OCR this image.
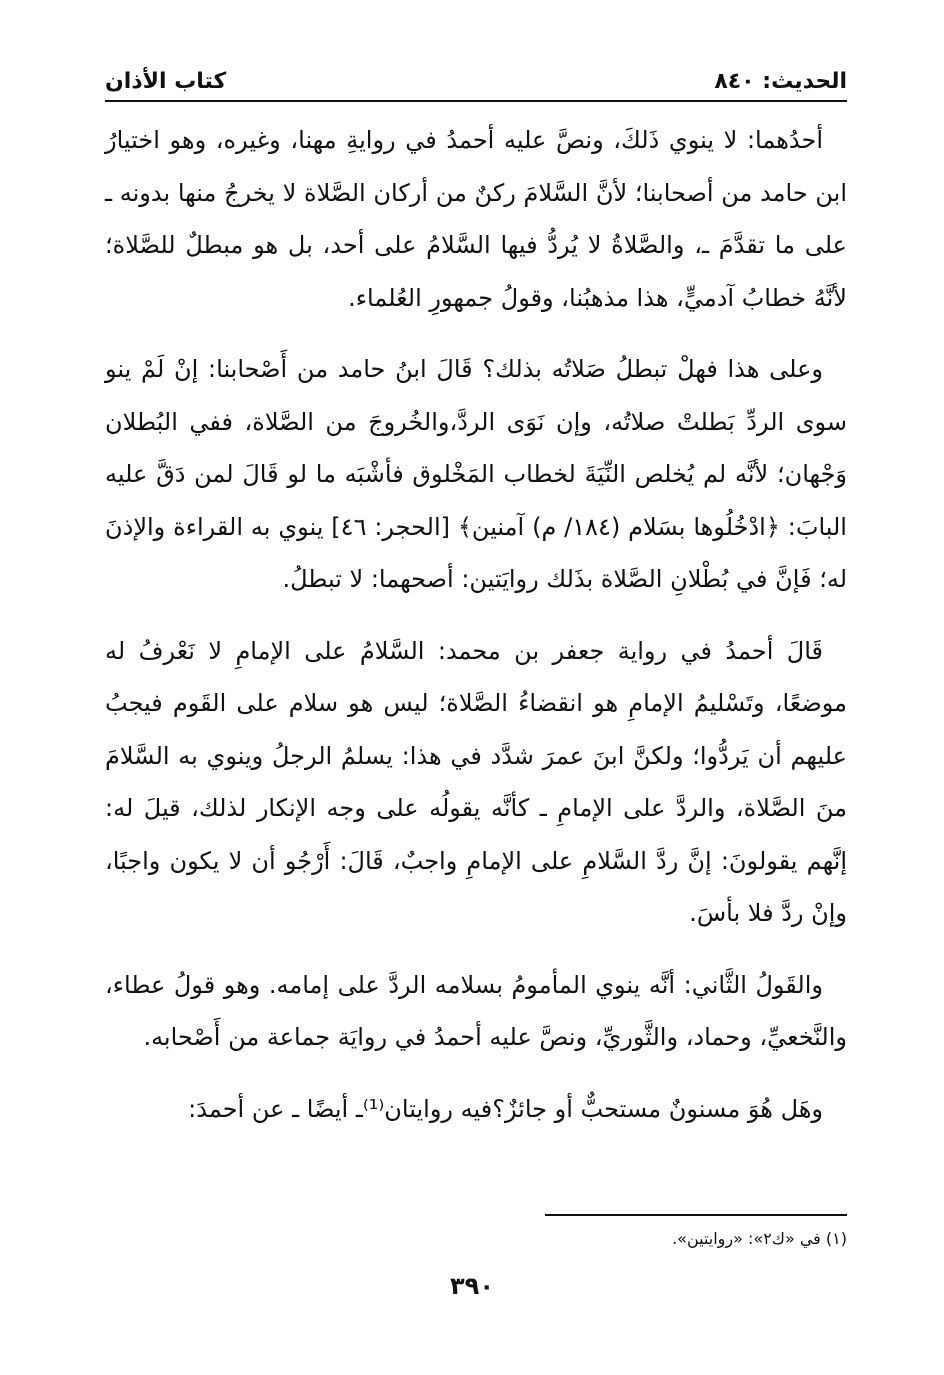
الحديث: ٨٤٠
كتاب الأذان

أحدُهما: لا ينوي ذَلكَ، ونصَّ عليه أحمدُ في روايةِ مهنا، وغيره، وهو اختيارُ ابن حامد من أصحابنا؛ لأنَّ السَّلامَ ركنٌ من أركان الصَّلاة لا يخرجُ منها بدونه ـ على ما تقدَّمَ ـ، والصَّلاةُ لا يُردُّ فيها السَّلامُ على أحد، بل هو مبطلٌ للصَّلاة؛ لأنَّهُ خطابُ آدميٍّ، هذا مذهبُنا، وقولُ جمهورِ العُلماء.

وعلى هذا فهلْ تبطلُ صَلاتُه بذلك؟ قَالَ ابنُ حامد من أَصْحابنا: إنْ لَمْ ينو سوى الردِّ بَطلتْ صلاتُه، وإن نَوَى الردَّ،والخُروجَ من الصَّلاة، ففي البُطلان وَجْهان؛ لأنَّه لم يُخلص النِّيَةَ لخطاب المَخْلوق فأشْبَه ما لو قَالَ لمن دَقَّ عليه البابَ: ﴿ادْخُلُوها بسَلام (١٨٤/ م) آمنين﴾ [الحجر: ٤٦] ينوي به القراءة والإذنَ له؛ فَإنَّ في بُطْلانِ الصَّلاة بذَلك روايَتين: أصحهما: لا تبطلُ.

قَالَ أحمدُ في رواية جعفر بن محمد: السَّلامُ على الإمامِ لا نَعْرفُ له موضعًا، وتَسْليمُ الإمامِ هو انقضاءُ الصَّلاة؛ ليس هو سلام على القَوم فيجبُ عليهم أن يَردُّوا؛ ولكنَّ ابنَ عمرَ شدَّد في هذا: يسلمُ الرجلُ وينوي به السَّلامَ منَ الصَّلاة، والردَّ على الإمامِ ـ كأنَّه يقولُه على وجه الإنكار لذلك، قيلَ له: إنَّهم يقولونَ: إنَّ ردَّ السَّلامِ على الإمامِ واجبٌ، قَالَ: أَرْجُو أن لا يكون واجبًا، وإنْ ردَّ فلا بأسَ.

والقَولُ الثَّاني: أنَّه ينوي المأمومُ بسلامه الردَّ على إمامه. وهو قولُ عطاء، والنَّخعيِّ، وحماد، والثَّوريِّ، ونصَّ عليه أحمدُ في روايَة جماعة من أَصْحابه.

وهَل هُوَ مسنونٌ مستحبٌّ أو جائزٌ؟فيه روايتان⁽¹⁾ـ أيضًا ـ عن أحمدَ:

(١) في «ك٢»: «روايتين».
٣٩٠
